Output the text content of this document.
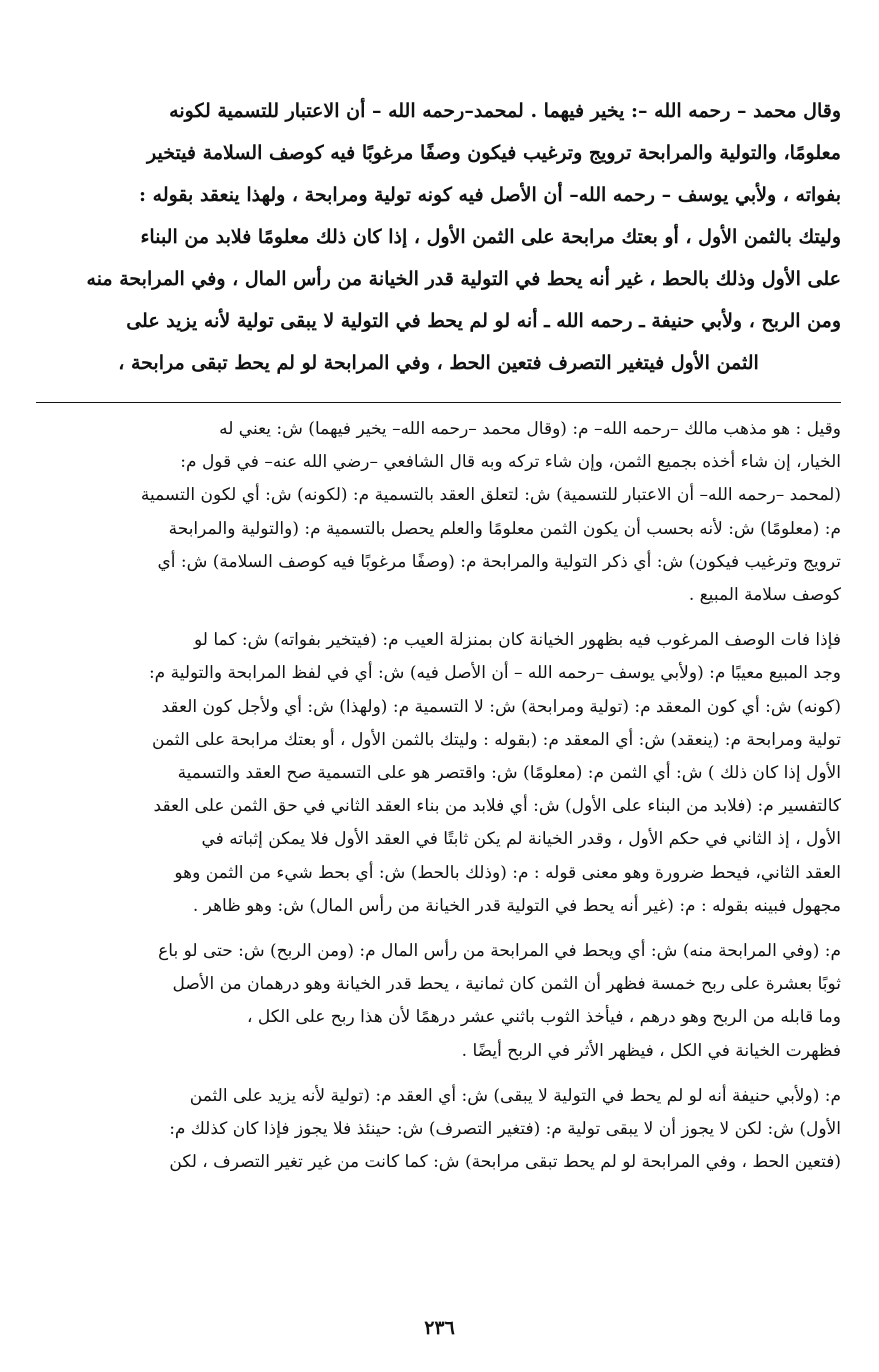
وقال محمد – رحمه الله –: يخير فيهما . لمحمد–رحمه الله – أن الاعتبار للتسمية لكونه

معلومًا، والتولية والمرابحة ترويج وترغيب فيكون وصفًا مرغوبًا فيه كوصف السلامة فيتخير

بفواته ، ولأبي يوسف – رحمه الله– أن الأصل فيه كونه تولية ومرابحة ، ولهذا ينعقد بقوله :

وليتك بالثمن الأول ، أو بعتك مرابحة على الثمن الأول ، إذا كان ذلك معلومًا فلابد من البناء

على الأول وذلك بالحط ، غير أنه يحط في التولية قدر الخيانة من رأس المال ، وفي المرابحة منه

ومن الربح ، ولأبي حنيفة ـ رحمه الله ـ أنه لو لم يحط في التولية لا يبقى تولية لأنه يزيد على

الثمن الأول فيتغير التصرف فتعين الحط ، وفي المرابحة لو لم يحط تبقى مرابحة ،

وقيل : هو مذهب مالك –رحمه الله– م: (وقال محمد –رحمه الله– يخير فيهما) ش: يعني له

الخيار، إن شاء أخذه بجميع الثمن، وإن شاء تركه وبه قال الشافعي –رضي الله عنه– في قول م:

(لمحمد –رحمه الله– أن الاعتبار للتسمية) ش: لتعلق العقد بالتسمية م: (لكونه) ش: أي لكون التسمية

م: (معلومًا) ش: لأنه بحسب أن يكون الثمن معلومًا والعلم يحصل بالتسمية م: (والتولية والمرابحة

ترويج وترغيب فيكون) ش: أي ذكر التولية والمرابحة م: (وصفًا مرغوبًا فيه كوصف السلامة) ش: أي

كوصف سلامة المبيع .

فإذا فات الوصف المرغوب فيه بظهور الخيانة كان بمنزلة العيب م: (فيتخير بفواته) ش: كما لو

وجد المبيع معيبًا م: (ولأبي يوسف –رحمه الله – أن الأصل فيه) ش: أي في لفظ المرابحة والتولية م:

(كونه) ش: أي كون المعقد م: (تولية ومرابحة) ش: لا التسمية م: (ولهذا) ش: أي ولأجل كون العقد

تولية ومرابحة م: (ينعقد) ش: أي المعقد م: (بقوله : وليتك بالثمن الأول ، أو بعتك مرابحة على الثمن

الأول إذا كان ذلك ) ش: أي الثمن م: (معلومًا) ش: واقتصر هو على التسمية صح العقد والتسمية

كالتفسير م: (فلابد من البناء على الأول) ش: أي فلابد من بناء العقد الثاني في حق الثمن على العقد

الأول ، إذ الثاني في حكم الأول ، وقدر الخيانة لم يكن ثابتًا في العقد الأول فلا يمكن إثباته في

العقد الثاني، فيحط ضرورة وهو معنى قوله : م: (وذلك بالحط) ش: أي بحط شيء من الثمن وهو

مجهول فبينه بقوله : م: (غير أنه يحط في التولية قدر الخيانة من رأس المال) ش: وهو ظاهر .

م: (وفي المرابحة منه) ش: أي ويحط في المرابحة من رأس المال م: (ومن الربح) ش: حتى لو باع

ثوبًا بعشرة على ربح خمسة فظهر أن الثمن كان ثمانية ، يحط قدر الخيانة وهو درهمان من الأصل

وما قابله من الربح وهو درهم ، فيأخذ الثوب باثني عشر درهمًا لأن هذا ربح على الكل ،

فظهرت الخيانة في الكل ، فيظهر الأثر في الربح أيضًا .

م: (ولأبي حنيفة أنه لو لم يحط في التولية لا يبقى) ش: أي العقد م: (تولية لأنه يزيد على الثمن

الأول) ش: لكن لا يجوز أن لا يبقى تولية م: (فتغير التصرف) ش: حينئذ فلا يجوز فإذا كان كذلك م:

(فتعين الحط ، وفي المرابحة لو لم يحط تبقى مرابحة) ش: كما كانت من غير تغير التصرف ، لكن

٢٣٦
